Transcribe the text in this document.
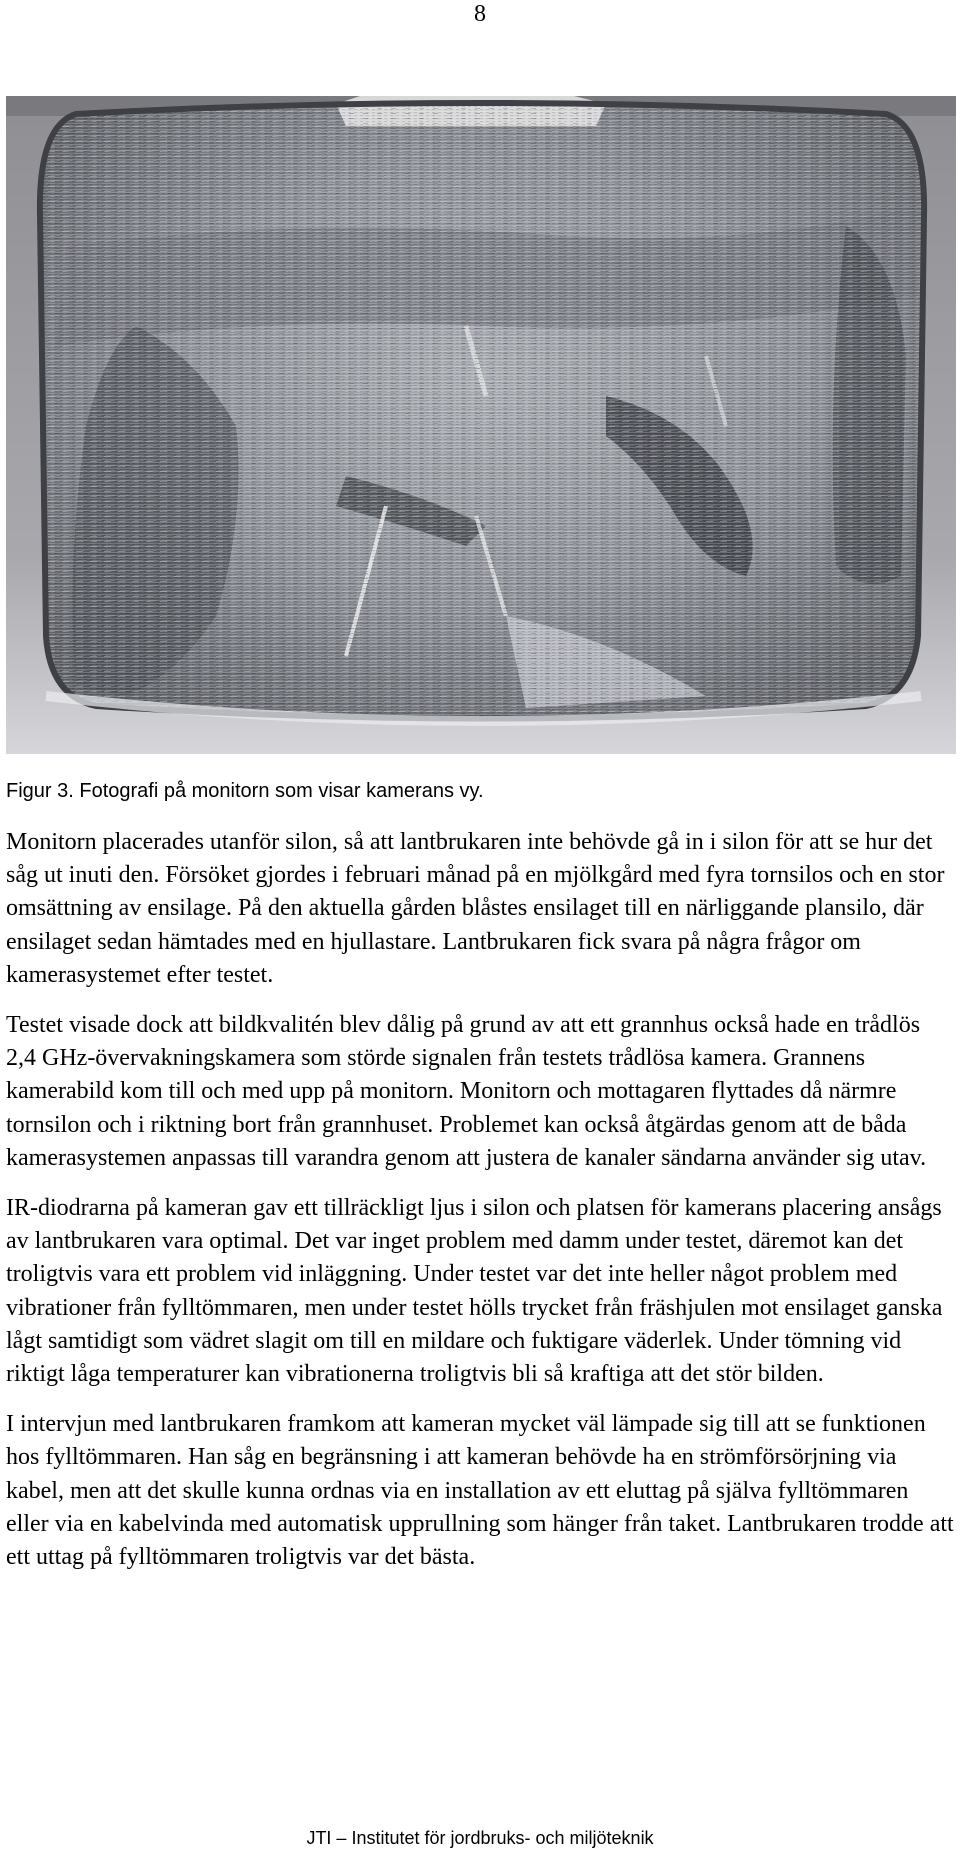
8

Figur 3. Fotografi på monitorn som visar kamerans vy.

Monitorn placerades utanför silon, så att lantbrukaren inte behövde gå in i silon för att se hur det såg ut inuti den. Försöket gjordes i februari månad på en mjölkgård med fyra tornsilos och en stor omsättning av ensilage. På den aktuella gården blåstes ensilaget till en närliggande plansilo, där ensilaget sedan hämtades med en hjullastare. Lantbrukaren fick svara på några frågor om kamerasystemet efter testet.

Testet visade dock att bildkvalitén blev dålig på grund av att ett grannhus också hade en trådlös 2,4 GHz-övervakningskamera som störde signalen från testets trådlösa kamera. Grannens kamerabild kom till och med upp på monitorn. Monitorn och mottagaren flyttades då närmre tornsilon och i riktning bort från grannhuset. Problemet kan också åtgärdas genom att de båda kamerasystemen anpassas till varandra genom att justera de kanaler sändarna använder sig utav.

IR-diodrarna på kameran gav ett tillräckligt ljus i silon och platsen för kamerans placering ansågs av lantbrukaren vara optimal. Det var inget problem med damm under testet, däremot kan det troligtvis vara ett problem vid inläggning. Under testet var det inte heller något problem med vibrationer från fylltömmaren, men under testet hölls trycket från fräshjulen mot ensilaget ganska lågt samtidigt som vädret slagit om till en mildare och fuktigare väderlek. Under tömning vid riktigt låga temperaturer kan vibrationerna troligtvis bli så kraftiga att det stör bilden.

I intervjun med lantbrukaren framkom att kameran mycket väl lämpade sig till att se funktionen hos fylltömmaren. Han såg en begränsning i att kameran behövde ha en strömförsörjning via kabel, men att det skulle kunna ordnas via en installation av ett eluttag på själva fylltömmaren eller via en kabelvinda med automatisk upprullning som hänger från taket. Lantbrukaren trodde att ett uttag på fylltömmaren troligtvis var det bästa.

JTI – Institutet för jordbruks- och miljöteknik
